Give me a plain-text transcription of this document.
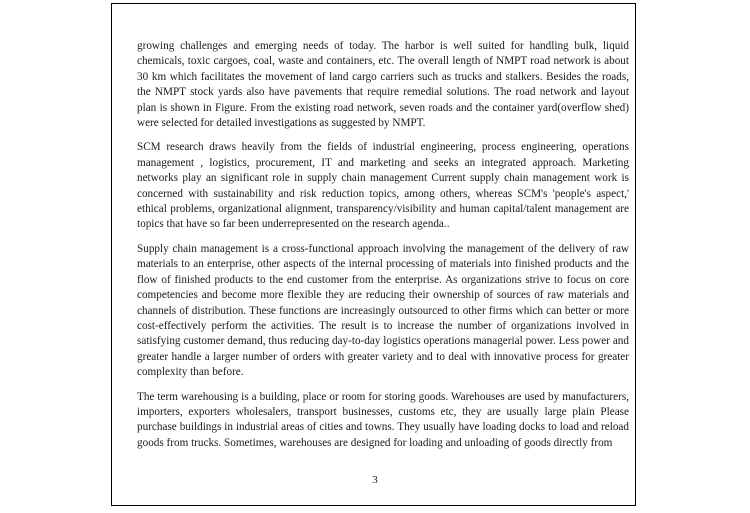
growing challenges and emerging needs of today. The harbor is well suited for handling bulk, liquid chemicals, toxic cargoes, coal, waste and containers, etc. The overall length of NMPT road network is about 30 km which facilitates the movement of land cargo carriers such as trucks and stalkers. Besides the roads, the NMPT stock yards also have pavements that require remedial solutions. The road network and layout plan is shown in Figure. From the existing road network, seven roads and the container yard(overflow shed) were selected for detailed investigations as suggested by NMPT.

SCM research draws heavily from the fields of industrial engineering, process engineering, operations management , logistics, procurement, IT and marketing and seeks an integrated approach. Marketing networks play an significant role in supply chain management Current supply chain management work is concerned with sustainability and risk reduction topics, among others, whereas SCM's 'people's aspect,' ethical problems, organizational alignment, transparency/visibility and human capital/talent management are topics that have so far been underrepresented on the research agenda..

Supply chain management is a cross-functional approach involving the management of the delivery of raw materials to an enterprise, other aspects of the internal processing of materials into finished products and the flow of finished products to the end customer from the enterprise. As organizations strive to focus on core competencies and become more flexible they are reducing their ownership of sources of raw materials and channels of distribution. These functions are increasingly outsourced to other firms which can better or more cost-effectively perform the activities. The result is to increase the number of organizations involved in satisfying customer demand, thus reducing day-to-day logistics operations managerial power. Less power and greater handle a larger number of orders with greater variety and to deal with innovative process for greater complexity than before.

The term warehousing is a building, place or room for storing goods. Warehouses are used by manufacturers, importers, exporters wholesalers, transport businesses, customs etc, they are usually large plain Please purchase buildings in industrial areas of cities and towns. They usually have loading docks to load and reload goods from trucks. Sometimes, warehouses are designed for loading and unloading of goods directly from

3
